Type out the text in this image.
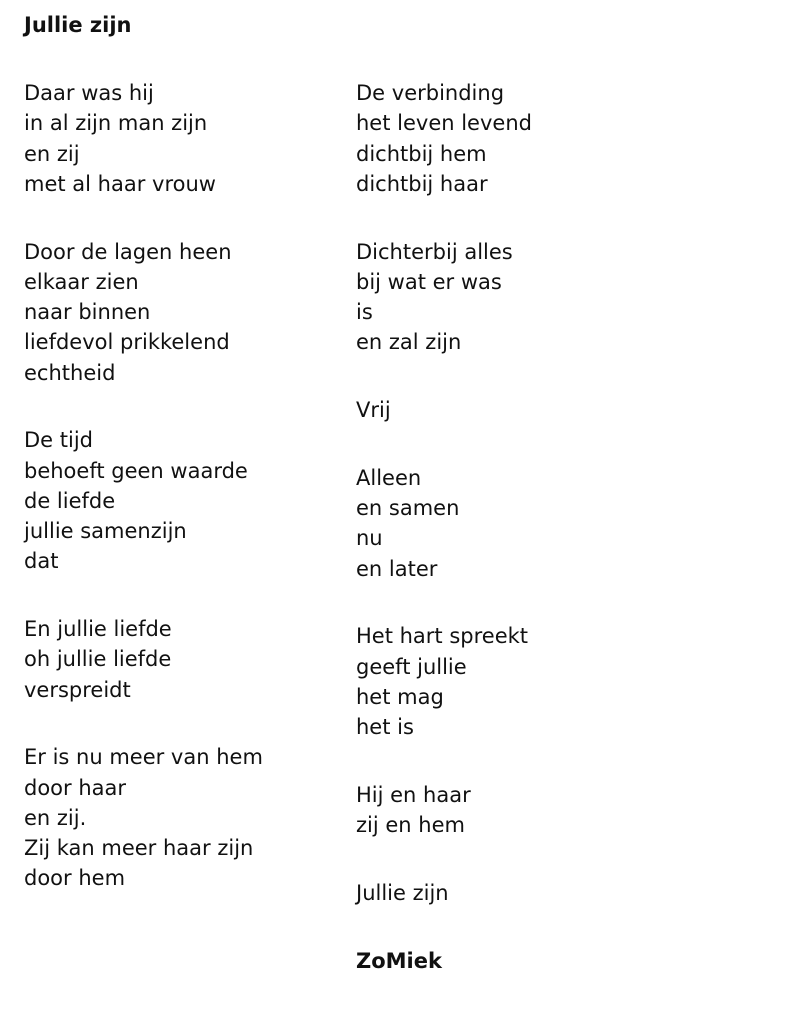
Jullie zijn
Daar was hij
in al zijn man zijn
en zij
met al haar vrouw
Door de lagen heen
elkaar zien
naar binnen
liefdevol prikkelend
echtheid
De tijd
behoeft geen waarde
de liefde
jullie samenzijn
dat
En jullie liefde
oh jullie liefde
verspreidt
Er is nu meer van hem
door haar
en zij.
Zij kan meer haar zijn
door hem
De verbinding
het leven levend
dichtbij hem
dichtbij haar
Dichterbij alles
bij wat er was
is
en zal zijn
Vrij
Alleen
en samen
nu
en later
Het hart spreekt
geeft jullie
het mag
het is
Hij en haar
zij en hem
Jullie zijn
ZoMiek
